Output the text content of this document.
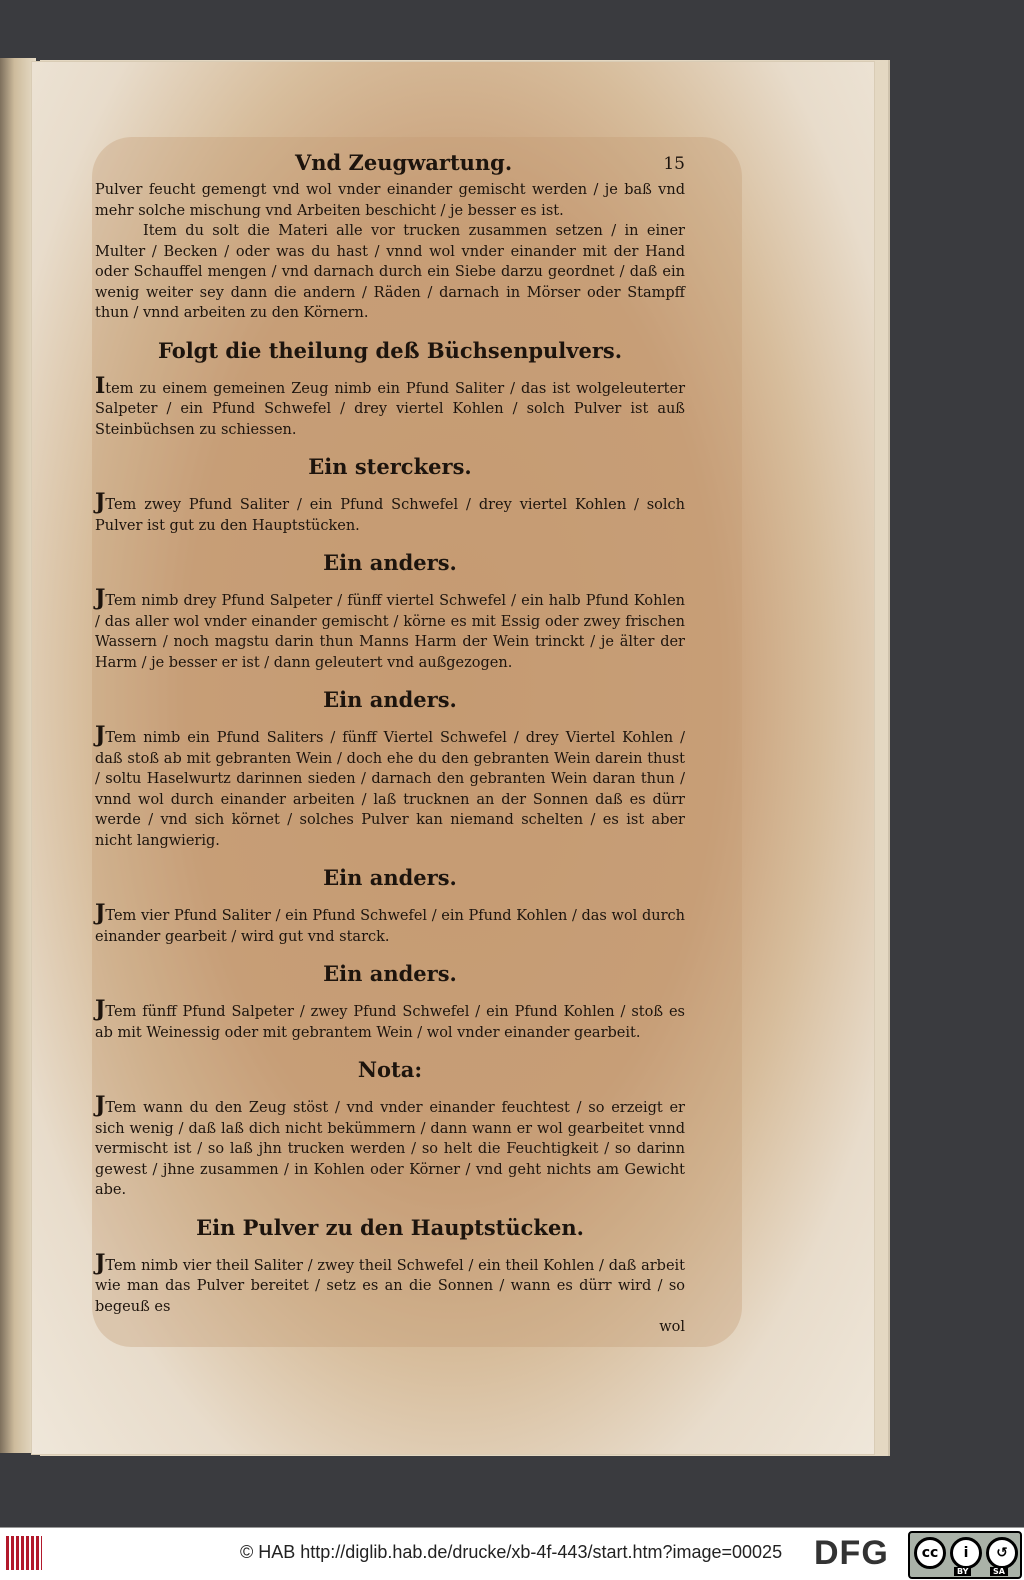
Vnd Zeugwartung.	15

Pulver feucht gemengt vnd wol vnder einander gemischt werden / je baß vnd mehr solche mischung vnd Arbeiten beschicht / je besser es ist.

Item du solt die Materi alle vor trucken zusammen setzen / in einer Multer / Becken / oder was du hast / vnnd wol vnder einander mit der Hand oder Schauffel mengen / vnd darnach durch ein Siebe darzu geordnet / daß ein wenig weiter sey dann die andern / Räden / darnach in Mörser oder Stampff thun / vnnd arbeiten zu den Körnern.

Folgt die theilung deß Büchsenpulvers.

Item zu einem gemeinen Zeug nimb ein Pfund Saliter / das ist wolgeleuterter Salpeter / ein Pfund Schwefel / drey viertel Kohlen / solch Pulver ist auß Steinbüchsen zu schiessen.

Ein sterckers.

JTem zwey Pfund Saliter / ein Pfund Schwefel / drey viertel Kohlen / solch Pulver ist gut zu den Hauptstücken.

Ein anders.

JTem nimb drey Pfund Salpeter / fünff viertel Schwefel / ein halb Pfund Kohlen / das aller wol vnder einander gemischt / körne es mit Essig oder zwey frischen Wassern / noch magstu darin thun Manns Harm der Wein trinckt / je älter der Harm / je besser er ist / dann geleutert vnd außgezogen.

Ein anders.

JTem nimb ein Pfund Saliters / fünff Viertel Schwefel / drey Viertel Kohlen / daß stoß ab mit gebranten Wein / doch ehe du den gebranten Wein darein thust / soltu Haselwurtz darinnen sieden / darnach den gebranten Wein daran thun / vnnd wol durch einander arbeiten / laß trucknen an der Sonnen daß es dürr werde / vnd sich körnet / solches Pulver kan niemand schelten / es ist aber nicht langwierig.

Ein anders.

JTem vier Pfund Saliter / ein Pfund Schwefel / ein Pfund Kohlen / das wol durch einander gearbeit / wird gut vnd starck.

Ein anders.

JTem fünff Pfund Salpeter / zwey Pfund Schwefel / ein Pfund Kohlen / stoß es ab mit Weinessig oder mit gebrantem Wein / wol vnder einander gearbeit.

Nota:

JTem wann du den Zeug stöst / vnd vnder einander feuchtest / so erzeigt er sich wenig / daß laß dich nicht bekümmern / dann wann er wol gearbeitet vnnd vermischt ist / so laß jhn trucken werden / so helt die Feuchtigkeit / so darinn gewest / jhne zusammen / in Kohlen oder Körner / vnd geht nichts am Gewicht abe.

Ein Pulver zu den Hauptstücken.

JTem nimb vier theil Saliter / zwey theil Schwefel / ein theil Kohlen / daß arbeit wie man das Pulver bereitet / setz es an die Sonnen / wann es dürr wird / so begeuß es

wol
© HAB http://diglib.hab.de/drucke/xb-4f-443/start.htm?image=00025 DFG	cc	i	↺
BY	SA
